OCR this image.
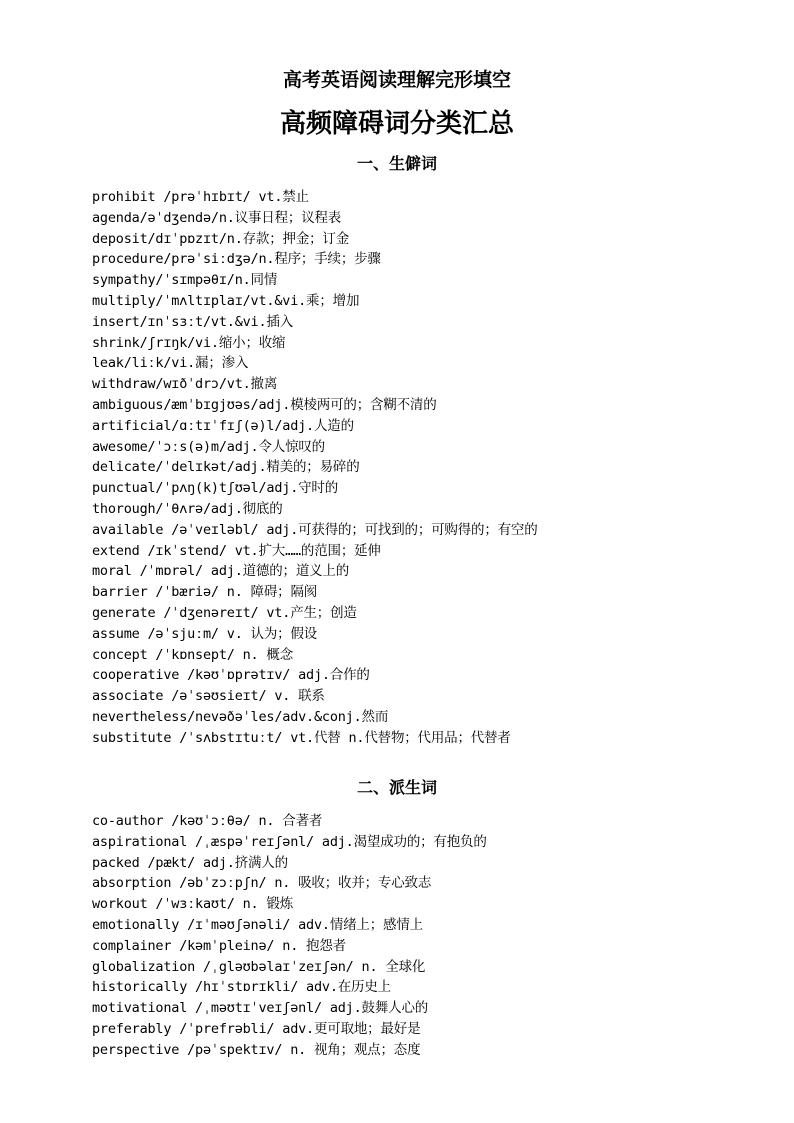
高考英语阅读理解完形填空
高频障碍词分类汇总
一、生僻词
prohibit /prəˈhɪbɪt/ vt.禁止
agenda/əˈdʒendə/n.议事日程；议程表
deposit/dɪˈpɒzɪt/n.存款；押金；订金
procedure/prəˈsiːdʒə/n.程序；手续；步骤
sympathy/ˈsɪmpəθɪ/n.同情
multiply/ˈmʌltɪplaɪ/vt.&vi.乘；增加
insert/ɪnˈsɜːt/vt.&vi.插入
shrink/ʃrɪŋk/vi.缩小；收缩
leak/liːk/vi.漏；渗入
withdraw/wɪðˈdrɔ/vt.撤离
ambiguous/æmˈbɪgjʊəs/adj.模棱两可的；含糊不清的
artificial/ɑːtɪˈfɪʃ(ə)l/adj.人造的
awesome/ˈɔːs(ə)m/adj.令人惊叹的
delicate/ˈdelɪkət/adj.精美的；易碎的
punctual/ˈpʌŋ(k)tʃʊəl/adj.守时的
thorough/ˈθʌrə/adj.彻底的
available /əˈveɪləbl/ adj.可获得的；可找到的；可购得的；有空的
extend /ɪkˈstend/ vt.扩大……的范围；延伸
moral /ˈmɒrəl/ adj.道德的；道义上的
barrier /ˈbæriə/ n. 障碍；隔阂
generate /ˈdʒenəreɪt/ vt.产生；创造
assume /əˈsjuːm/ v. 认为；假设
concept /ˈkɒnsept/ n. 概念
cooperative /kəʊˈɒprətɪv/ adj.合作的
associate /əˈsəʊsieɪt/ v. 联系
nevertheless/nevəðəˈles/adv.&conj.然而
substitute /ˈsʌbstɪtuːt/ vt.代替 n.代替物；代用品；代替者
二、派生词
co-author /kəʊˈɔːθə/ n. 合著者
aspirational /ˌæspəˈreɪʃənl/ adj.渴望成功的；有抱负的
packed /pækt/ adj.挤满人的
absorption /əbˈzɔːpʃn/ n. 吸收；收并；专心致志
workout /ˈwɜːkaʊt/ n. 锻炼
emotionally /ɪˈməʊʃənəli/ adv.情绪上；感情上
complainer /kəmˈpleinə/ n. 抱怨者
globalization /ˌgləʊbəlaɪˈzeɪʃən/ n. 全球化
historically /hɪˈstɒrɪkli/ adv.在历史上
motivational /ˌməʊtɪˈveɪʃənl/ adj.鼓舞人心的
preferably /ˈprefrəbli/ adv.更可取地；最好是
perspective /pəˈspektɪv/ n. 视角；观点；态度
